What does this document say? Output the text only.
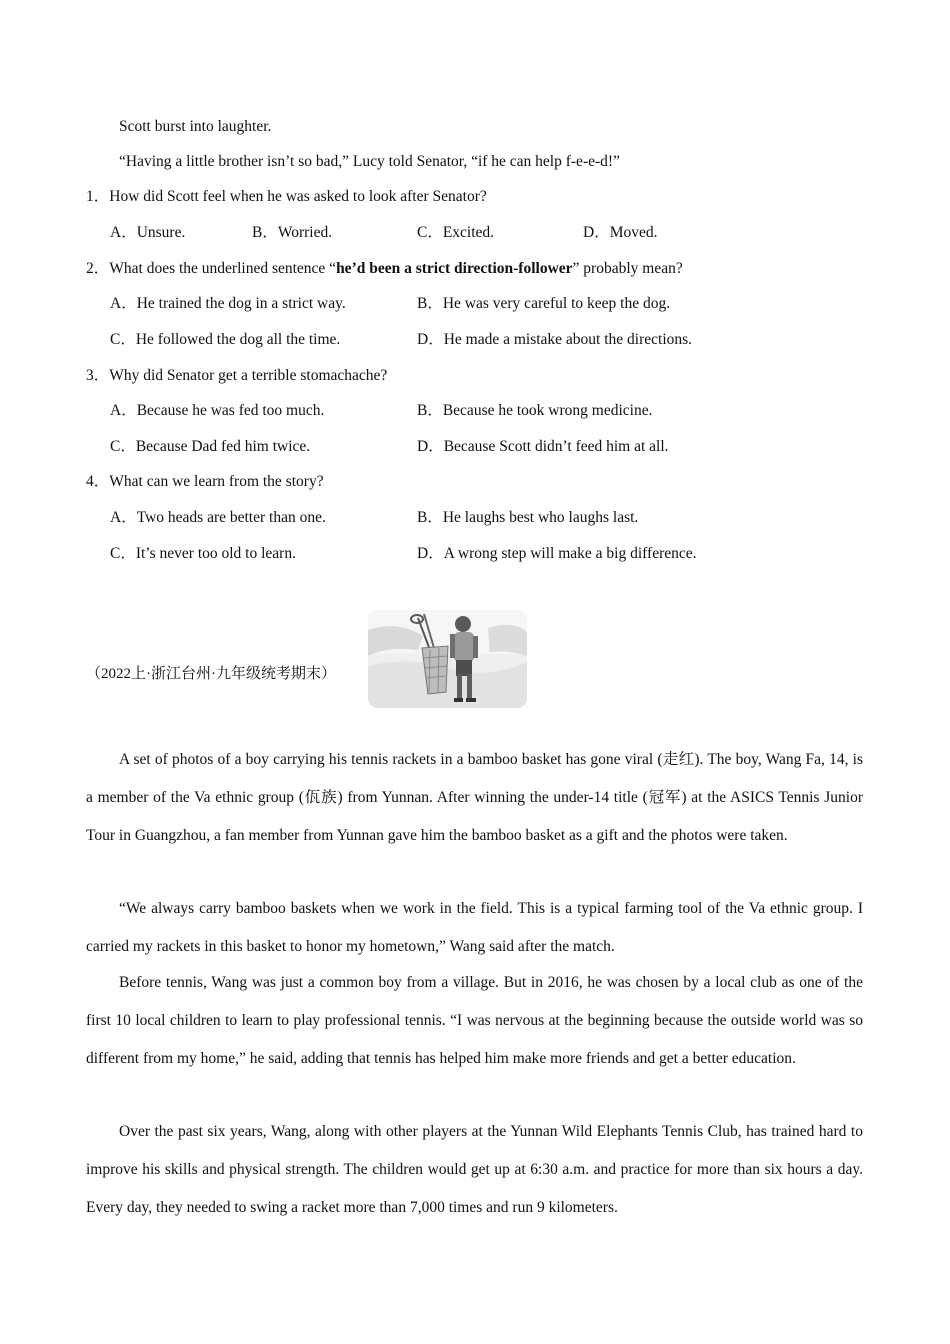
Scott burst into laughter.
“Having a little brother isn’t so bad,” Lucy told Senator, “if he can help f-e-e-d!”
1．How did Scott feel when he was asked to look after Senator?
A．Unsure.	B．Worried.	C．Excited.	D．Moved.
2．What does the underlined sentence “he’d been a strict direction-follower” probably mean?
A．He trained the dog in a strict way.	B．He was very careful to keep the dog.
C．He followed the dog all the time.	D．He made a mistake about the directions.
3．Why did Senator get a terrible stomachache?
A．Because he was fed too much.	B．Because he took wrong medicine.
C．Because Dad fed him twice.	D．Because Scott didn’t feed him at all.
4．What can we learn from the story?
A．Two heads are better than one.	B．He laughs best who laughs last.
C．It’s never too old to learn.	D．A wrong step will make a big difference.
（2022上·浙江台州·九年级统考期末）
A set of photos of a boy carrying his tennis rackets in a bamboo basket has gone viral (走红). The boy, Wang Fa, 14, is a member of the Va ethnic group (佤族) from Yunnan. After winning the under-14 title (冠军) at the ASICS Tennis Junior Tour in Guangzhou, a fan member from Yunnan gave him the bamboo basket as a gift and the photos were taken.
“We always carry bamboo baskets when we work in the field. This is a typical farming tool of the Va ethnic group. I carried my rackets in this basket to honor my hometown,” Wang said after the match.
Before tennis, Wang was just a common boy from a village. But in 2016, he was chosen by a local club as one of the first 10 local children to learn to play professional tennis. “I was nervous at the beginning because the outside world was so different from my home,” he said, adding that tennis has helped him make more friends and get a better education.
Over the past six years, Wang, along with other players at the Yunnan Wild Elephants Tennis Club, has trained hard to improve his skills and physical strength. The children would get up at 6:30 a.m. and practice for more than six hours a day. Every day, they needed to swing a racket more than 7,000 times and run 9 kilometers.
